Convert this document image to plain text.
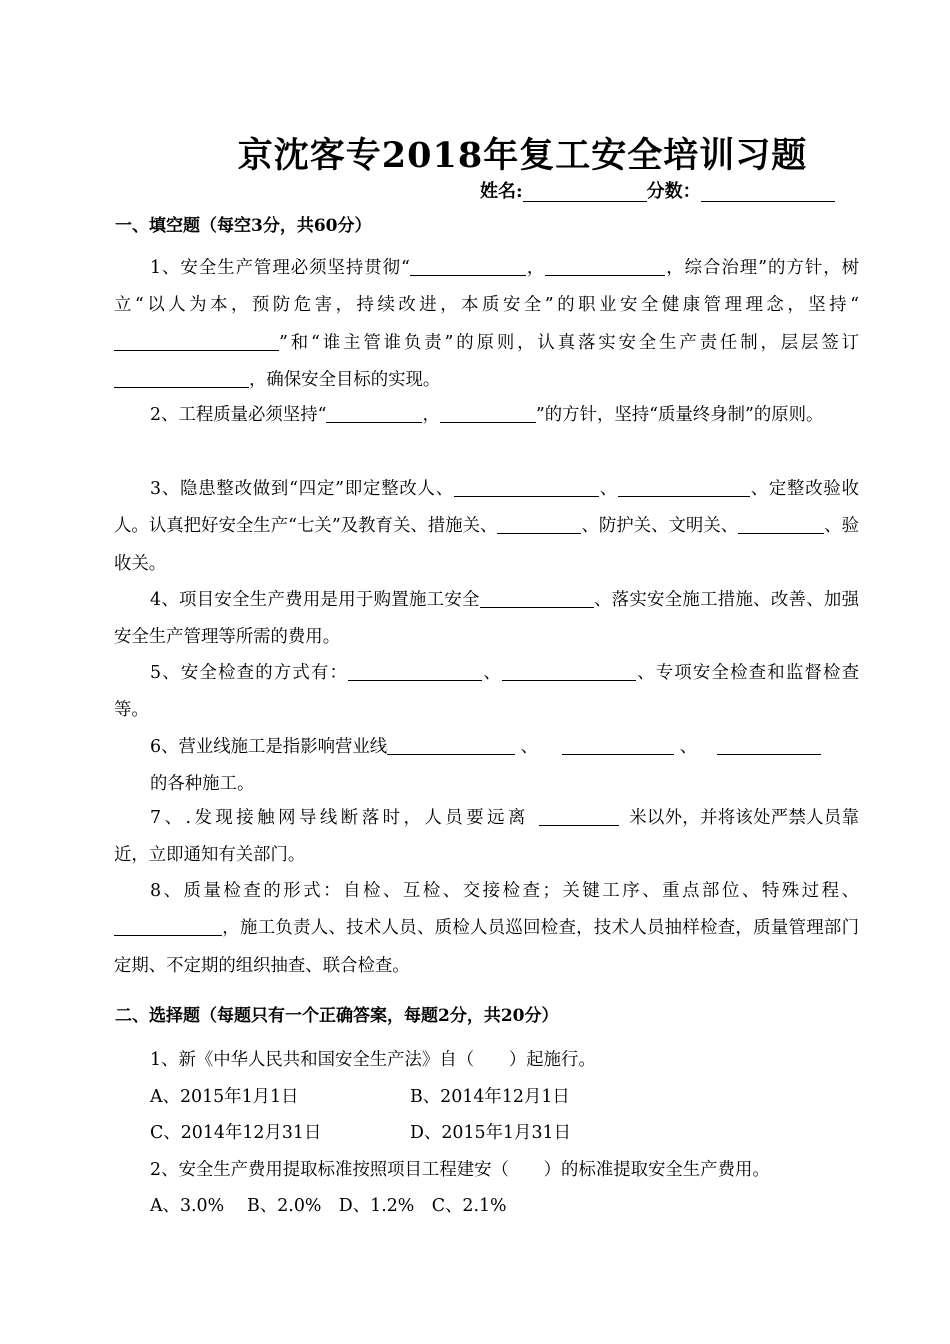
京沈客专2018年复工安全培训习题
姓名:	分数：
一、填空题（每空3分，共60分）
1、安全生产管理必须坚持贯彻“	，	，综合治理”的方针，树立“以人为本，预防危害，持续改进，本质安全”的职业安全健康管理理念，坚持“”和“谁主管谁负责”的原则，认真落实安全生产责任制，层层签订，确保安全目标的实现。
2、工程质量必须坚持“	，	”的方针，坚持“质量终身制”的原则。
3、隐患整改做到“四定”即定整改人、	、	、定整改验收人。认真把好安全生产“七关”及教育关、措施关、	、防护关、文明关、	、验收关。
4、项目安全生产费用是用于购置施工安全	、落实安全施工措施、改善、加强安全生产管理等所需的费用。
5、安全检查的方式有：	、	、专项安全检查和监督检查等。
6、营业线施工是指影响营业线	、	、
的各种施工。
7、.发现接触网导线断落时，人员要远离	米以外，并将该处严禁人员靠近，立即通知有关部门。
8、质量检查的形式：自检、互检、交接检查；关键工序、重点部位、特殊过程、，施工负责人、技术人员、质检人员巡回检查，技术人员抽样检查，质量管理部门定期、不定期的组织抽查、联合检查。
二、选择题（每题只有一个正确答案，每题2分，共20分）
1、新《中华人民共和国安全生产法》自（　　）起施行。
A、2015年1月1日	B、2014年12月1日
C、2014年12月31日	D、2015年1月31日
2、安全生产费用提取标准按照项目工程建安（　　）的标准提取安全生产费用。
A、3.0%　 B、2.0%　D、1.2%　C、2.1%
